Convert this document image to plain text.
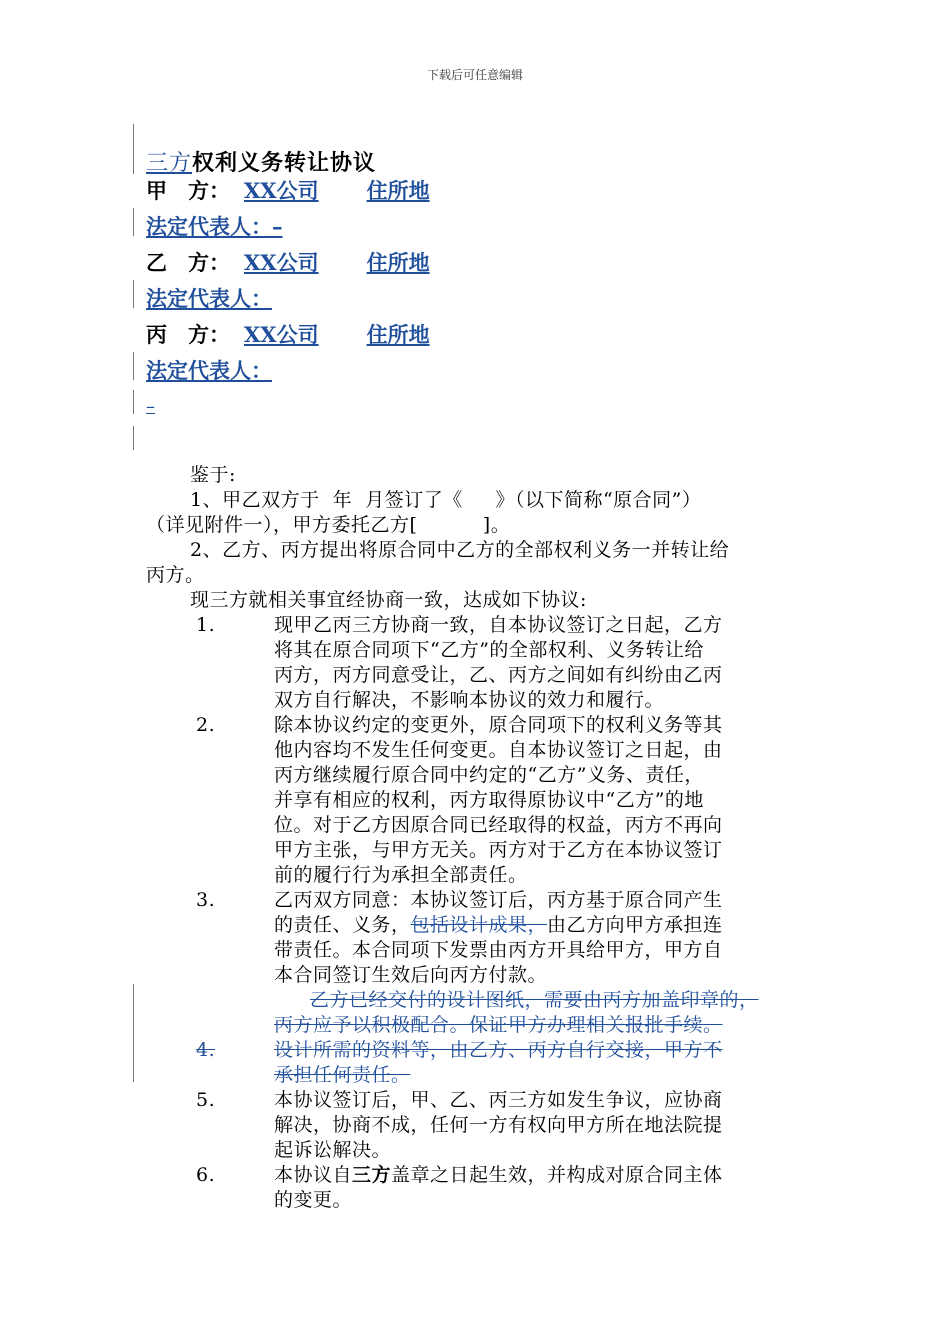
下载后可任意编辑
三方权利义务转让协议
甲　方： XX公司 住所地
法定代表人：–
乙　方： XX公司 住所地
法定代表人：
丙　方： XX公司 住所地
法定代表人：
–
鉴于:
1、甲乙双方于  年  月签订了《     》（以下简称“原合同”）
（详见附件一），甲方委托乙方[          ]。
2、乙方、丙方提出将原合同中乙方的全部权利义务一并转让给
丙方。
现三方就相关事宜经协商一致，达成如下协议:
1.	现甲乙丙三方协商一致，自本协议签订之日起，乙方
将其在原合同项下“乙方”的全部权利、义务转让给
丙方，丙方同意受让，乙、丙方之间如有纠纷由乙丙
双方自行解决，不影响本协议的效力和履行。
2.	除本协议约定的变更外，原合同项下的权利义务等其
他内容均不发生任何变更。自本协议签订之日起，由
丙方继续履行原合同中约定的“乙方”义务、责任，
并享有相应的权利，丙方取得原协议中“乙方”的地
位。对于乙方因原合同已经取得的权益，丙方不再向
甲方主张，与甲方无关。丙方对于乙方在本协议签订
前的履行行为承担全部责任。
3.	乙丙双方同意：本协议签订后，丙方基于原合同产生
的责任、义务，包括设计成果，由乙方向甲方承担连
带责任。本合同项下发票由丙方开具给甲方，甲方自
本合同签订生效后向丙方付款。
乙方已经交付的设计图纸，需要由丙方加盖印章的，
丙方应予以积极配合。保证甲方办理相关报批手续。
4.	设计所需的资料等，由乙方、丙方自行交接，甲方不
承担任何责任。
5.	本协议签订后，甲、乙、丙三方如发生争议，应协商
解决，协商不成，任何一方有权向甲方所在地法院提
起诉讼解决。
6.	本协议自三方盖章之日起生效，并构成对原合同主体
的变更。
